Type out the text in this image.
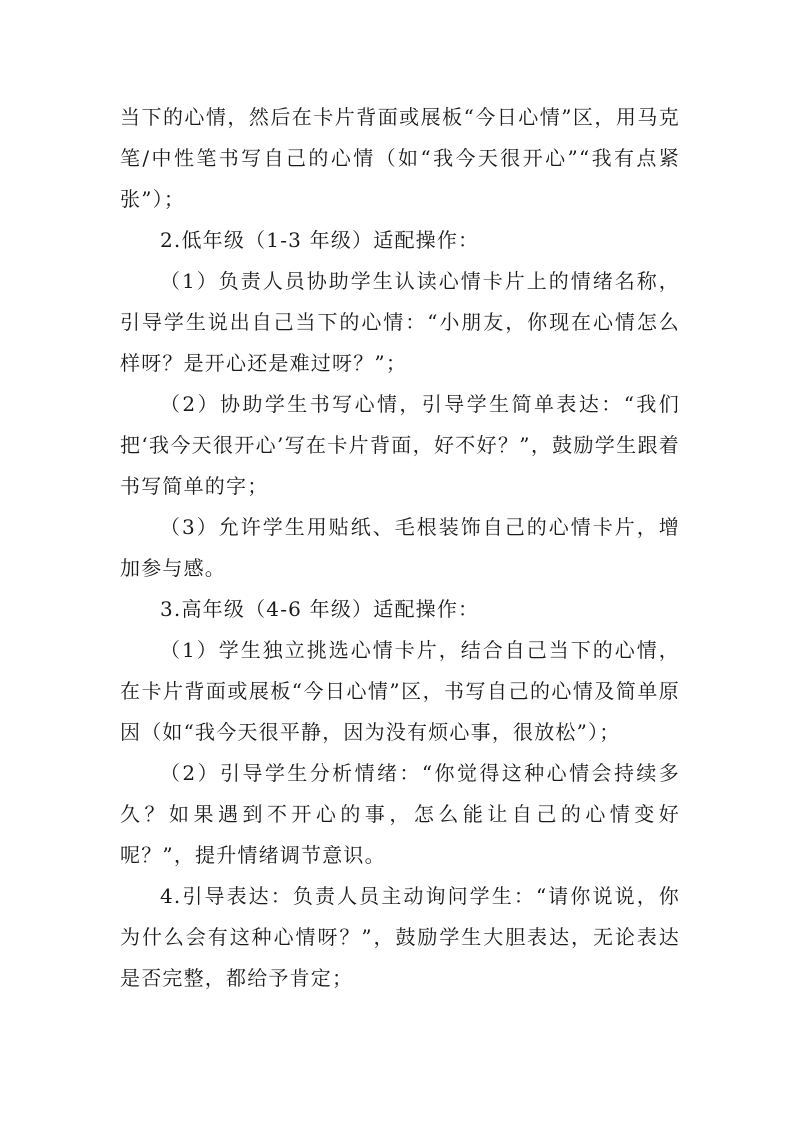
当下的心情，然后在卡片背面或展板“今日心情”区，用马克笔/中性笔书写自己的心情（如“我今天很开心”“我有点紧张”）；

2.低年级（1-3 年级）适配操作：

（1）负责人员协助学生认读心情卡片上的情绪名称，引导学生说出自己当下的心情：“小朋友，你现在心情怎么样呀？是开心还是难过呀？”；

（2）协助学生书写心情，引导学生简单表达：“我们把‘我今天很开心’写在卡片背面，好不好？”，鼓励学生跟着书写简单的字；

（3）允许学生用贴纸、毛根装饰自己的心情卡片，增加参与感。

3.高年级（4-6 年级）适配操作：

（1）学生独立挑选心情卡片，结合自己当下的心情，在卡片背面或展板“今日心情”区，书写自己的心情及简单原因（如“我今天很平静，因为没有烦心事，很放松”）；

（2）引导学生分析情绪：“你觉得这种心情会持续多久？如果遇到不开心的事，怎么能让自己的心情变好呢？”，提升情绪调节意识。

4.引导表达：负责人员主动询问学生：“请你说说，你为什么会有这种心情呀？”，鼓励学生大胆表达，无论表达是否完整，都给予肯定；
